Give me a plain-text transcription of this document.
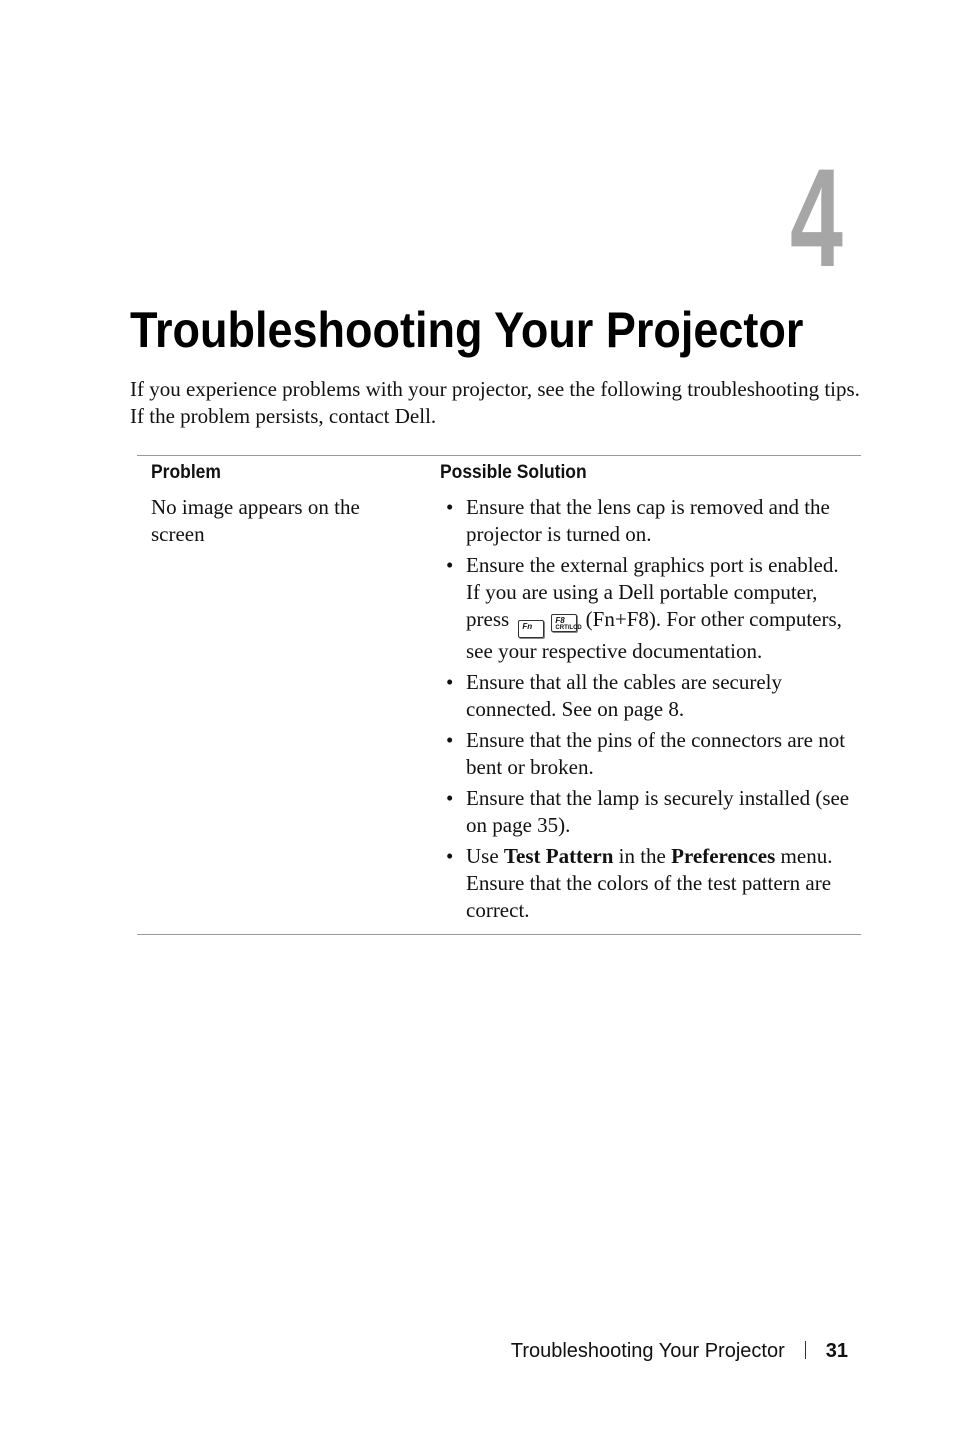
4
Troubleshooting Your Projector

If you experience problems with your projector, see the following troubleshooting tips. If the problem persists, contact Dell.

Problem	Possible Solution
No image appears on the screen
• Ensure that the lens cap is removed and the projector is turned on.
• Ensure the external graphics port is enabled. If you are using a Dell portable computer, press FnF8
CRT/LCD (Fn+F8). For other computers, see your respective documentation.
• Ensure that all the cables are securely connected. See on page 8.
• Ensure that the pins of the connectors are not bent or broken.
• Ensure that the lamp is securely installed (see on page 35).
• Use Test Pattern in the Preferences menu. Ensure that the colors of the test pattern are correct.
Troubleshooting Your Projector 31
